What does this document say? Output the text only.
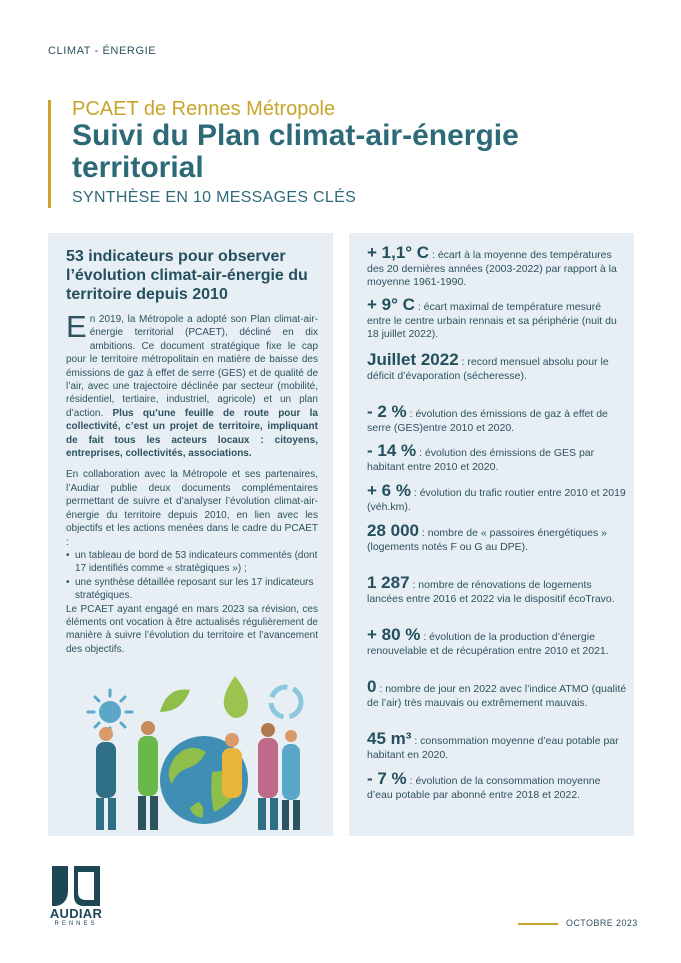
CLIMAT - ÉNERGIE
PCAET de Rennes Métropole
Suivi du Plan climat-air-énergie territorial
SYNTHÈSE EN 10 MESSAGES CLÉS
53 indicateurs pour observer l’évolution climat-air-énergie du territoire depuis 2010

En 2019, la Métropole a adopté son Plan climat-air-énergie territorial (PCAET), décliné en dix ambitions. Ce document stratégique fixe le cap pour le territoire métropolitain en matière de baisse des émissions de gaz à effet de serre (GES) et de qualité de l’air, avec une trajectoire déclinée par secteur (mobilité, résidentiel, tertiaire, industriel, agricole) et un plan d’action. Plus qu’une feuille de route pour la collectivité, c’est un projet de territoire, impliquant de fait tous les acteurs locaux : citoyens, entreprises, collectivités, associations.

En collaboration avec la Métropole et ses partenaires, l’Audiar publie deux documents complémentaires permettant de suivre et d’analyser l’évolution climat-air-énergie du territoire depuis 2010, en lien avec les objectifs et les actions menées dans le cadre du PCAET :

• un tableau de bord de 53 indicateurs commentés (dont 17 identifiés comme « stratégiques ») ;
• une synthèse détaillée reposant sur les 17 indicateurs stratégiques.

Le PCAET ayant engagé en mars 2023 sa révision, ces éléments ont vocation à être actualisés régulièrement de manière à suivre l’évolution du territoire et l’avancement des objectifs.

+ 1,1° C : écart à la moyenne des températures des 20 dernières années (2003-2022) par rapport à la moyenne 1961-1990.
+ 9° C : écart maximal de température mesuré entre le centre urbain rennais et sa périphérie (nuit du 18 juillet 2022).
Juillet 2022 : record mensuel absolu pour le déficit d’évaporation (sécheresse).
- 2 % : évolution des émissions de gaz à effet de serre (GES)entre 2010 et 2020.
- 14 % : évolution des émissions de GES par habitant entre 2010 et 2020.
+ 6 % : évolution du trafic routier entre 2010 et 2019 (véh.km).
28 000 : nombre de « passoires énergétiques » (logements notés F ou G au DPE).
1 287 : nombre de rénovations de logements lancées entre 2016 et 2022 via le dispositif écoTravo.
+ 80 % : évolution de la production d’énergie renouvelable et de récupération entre 2010 et 2021.
0 : nombre de jour en 2022 avec l’indice ATMO (qualité de l’air) très mauvais ou extrêmement mauvais.
45 m³ : consommation moyenne d’eau potable par habitant en 2020.
- 7 % : évolution de la consommation moyenne d’eau potable par abonné entre 2018 et 2022.
AUDIAR
RENNES	OCTOBRE 2023
